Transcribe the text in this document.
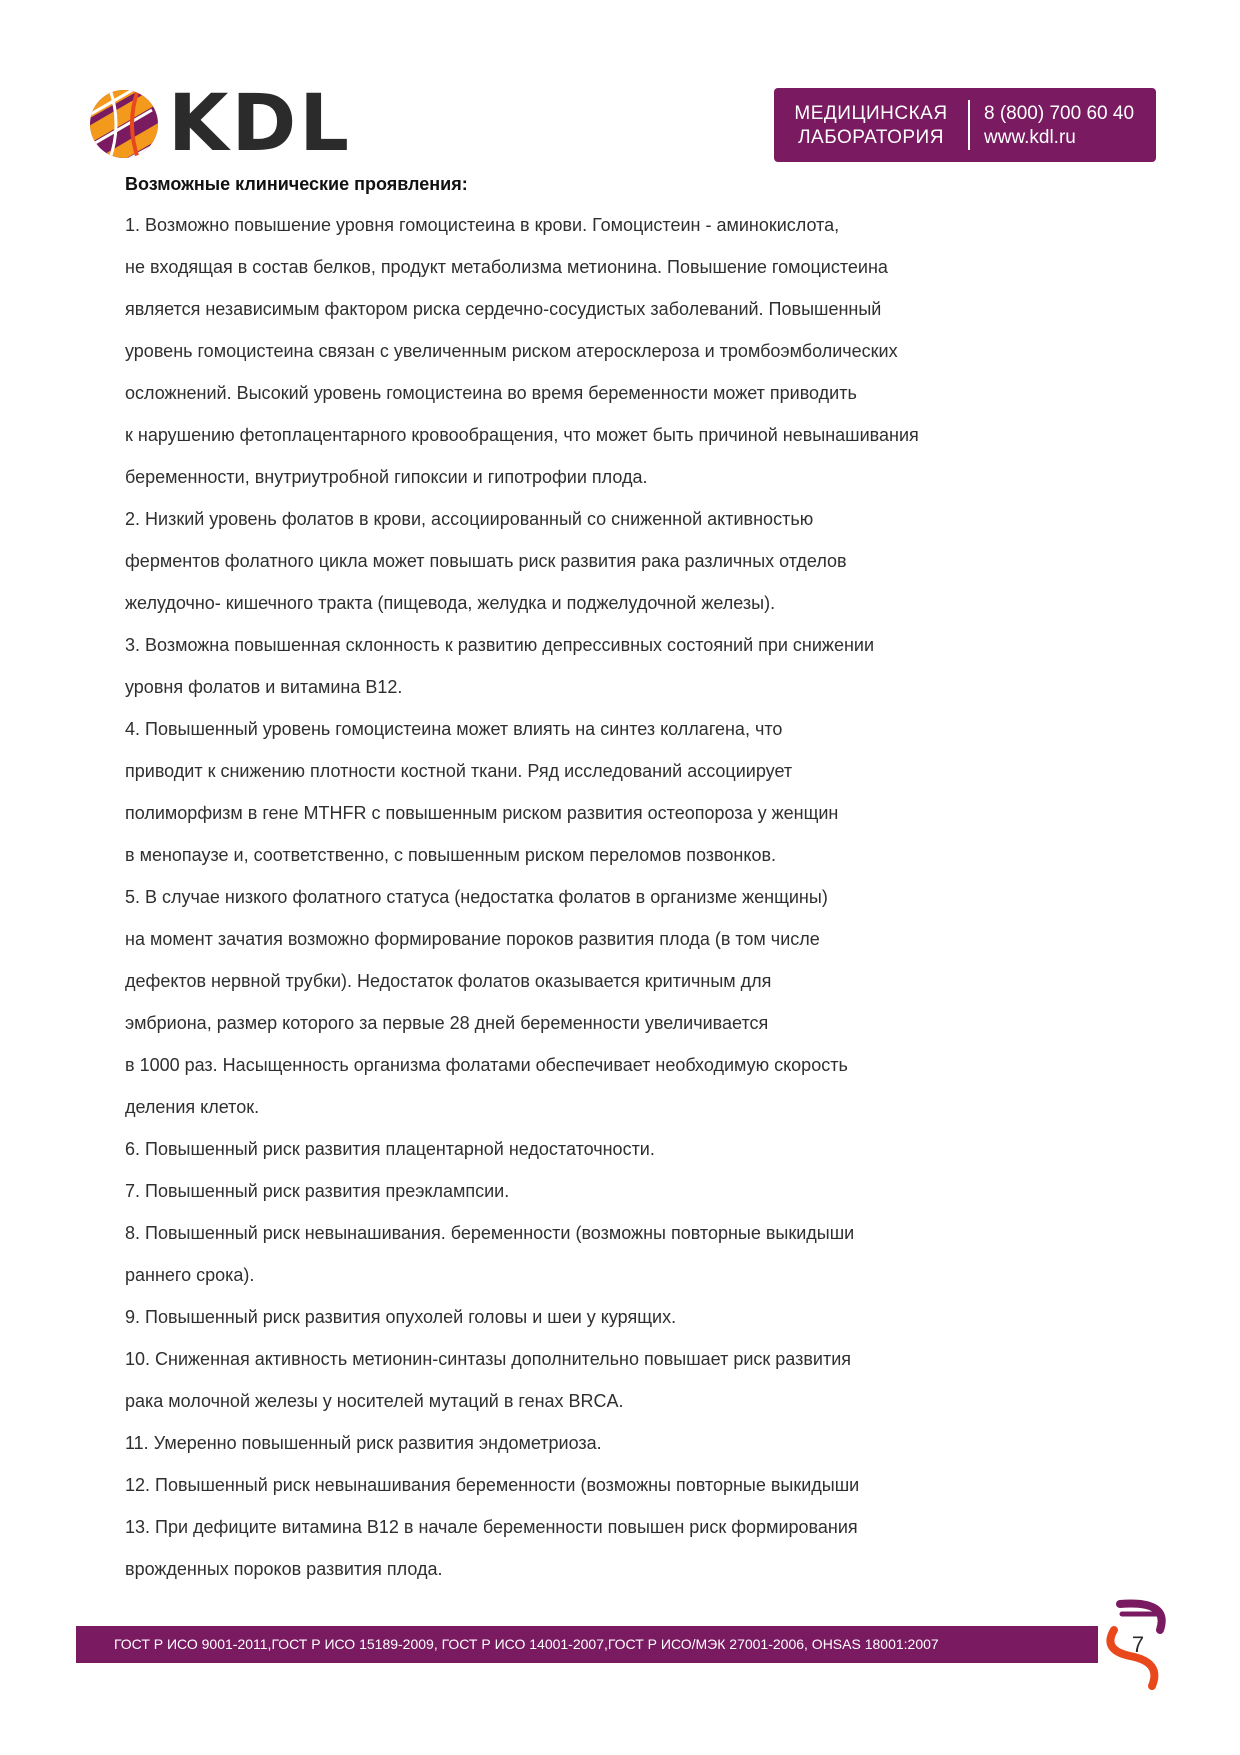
KDL	МЕДИЦИНСКАЯ
ЛАБОРАТОРИЯ
8 (800) 700 60 40
www.kdl.ru
Возможные клинические проявления:
1. Возможно повышение уровня гомоцистеина в крови. Гомоцистеин - аминокислота,
не входящая в состав белков, продукт метаболизма метионина. Повышение гомоцистеина
является независимым фактором риска сердечно-сосудистых заболеваний. Повышенный
уровень гомоцистеина связан с увеличенным риском атеросклероза и тромбоэмболических
осложнений. Высокий уровень гомоцистеина во время беременности может приводить
к нарушению фетоплацентарного кровообращения, что может быть причиной невынашивания
беременности, внутриутробной гипоксии и гипотрофии плода.
2. Низкий уровень фолатов в крови, ассоциированный со сниженной активностью
ферментов фолатного цикла может повышать риск развития рака различных отделов
желудочно- кишечного тракта (пищевода, желудка и поджелудочной железы).
3. Возможна повышенная склонность к развитию депрессивных состояний при снижении
уровня фолатов и витамина В12.
4. Повышенный уровень гомоцистеина может влиять на синтез коллагена, что
приводит к снижению плотности костной ткани. Ряд исследований ассоциирует
полиморфизм в гене MTHFR с повышенным риском развития остеопороза у женщин
в менопаузе и, соответственно, с повышенным риском переломов позвонков.
5. В случае низкого фолатного статуса (недостатка фолатов в организме женщины)
на момент зачатия возможно формирование пороков развития плода (в том числе
дефектов нервной трубки). Недостаток фолатов оказывается критичным для
эмбриона, размер которого за первые 28 дней беременности увеличивается
в 1000 раз. Насыщенность организма фолатами обеспечивает необходимую скорость
деления клеток.
6. Повышенный риск развития плацентарной недостаточности.
7. Повышенный риск развития преэклампсии.
8. Повышенный риск невынашивания. беременности (возможны повторные выкидыши
раннего срока).
9. Повышенный риск развития опухолей головы и шеи у курящих.
10. Сниженная активность метионин-синтазы дополнительно повышает риск развития
рака молочной железы у носителей мутаций в генах BRCA.
11. Умеренно повышенный риск развития эндометриоза.
12. Повышенный риск невынашивания беременности (возможны повторные выкидыши
13. При дефиците витамина В12 в начале беременности повышен риск формирования
врожденных пороков развития плода.
ГОСТ Р ИСО 9001-2011,ГОСТ Р ИСО 15189-2009, ГОСТ Р ИСО 14001-2007,ГОСТ Р ИСО/МЭК 27001-2006, OHSAS 18001:2007	7
